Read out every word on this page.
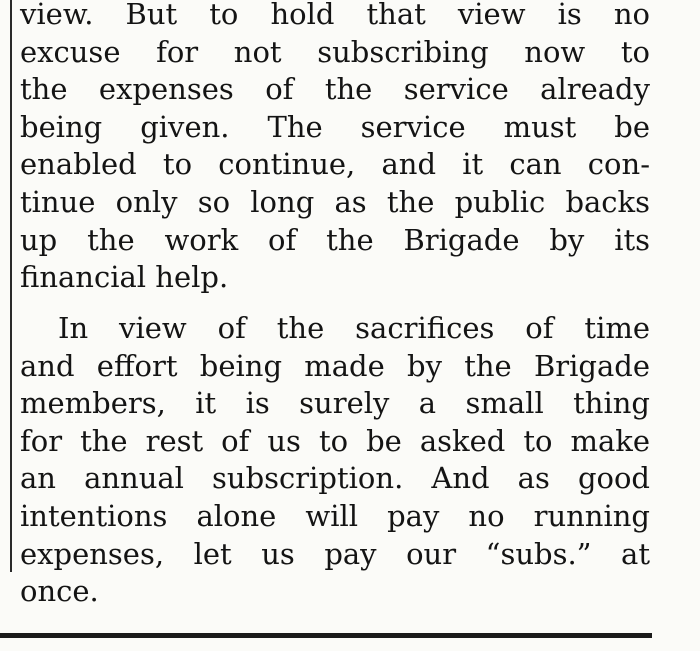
view. But to hold that view is no
excuse for not subscribing now to
the expenses of the service already
being given. The service must be
enabled to continue, and it can con-
tinue only so long as the public backs
up the work of the Brigade by its
financial help.
In view of the sacrifices of time
and effort being made by the Brigade
members, it is surely a small thing
for the rest of us to be asked to make
an annual subscription. And as good
intentions alone will pay no running
expenses, let us pay our “subs.” at
once.
